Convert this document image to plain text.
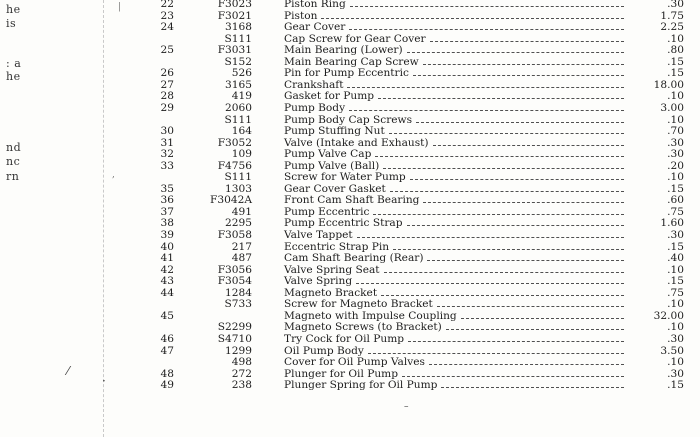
he
is
: a
he
nd
nc
rn
|
,
⁄
·
–
22	F3023	Piston Ring	.30
23	F3021	Piston	1.75
24	3168	Gear Cover	2.25
S111	Cap Screw for Gear Cover	.10
25	F3031	Main Bearing (Lower)	.80
S152	Main Bearing Cap Screw	.15
26	526	Pin for Pump Eccentric	.15
27	3165	Crankshaft	18.00
28	419	Gasket for Pump	.10
29	2060	Pump Body	3.00
S111	Pump Body Cap Screws	.10
30	164	Pump Stuffing Nut	.70
31	F3052	Valve (Intake and Exhaust)	.30
32	109	Pump Valve Cap	.30
33	F4756	Pump Valve (Ball)	.20
S111	Screw for Water Pump	.10
35	1303	Gear Cover Gasket	.15
36	F3042A	Front Cam Shaft Bearing	.60
37	491	Pump Eccentric	.75
38	2295	Pump Eccentric Strap	1.60
39	F3058	Valve Tappet	.30
40	217	Eccentric Strap Pin	.15
41	487	Cam Shaft Bearing (Rear)	.40
42	F3056	Valve Spring Seat	.10
43	F3054	Valve Spring	.15
44	1284	Magneto Bracket	.75
S733	Screw for Magneto Bracket	.10
45	Magneto with Impulse Coupling	32.00
S2299	Magneto Screws (to Bracket)	.10
46	S4710	Try Cock for Oil Pump	.30
47	1299	Oil Pump Body	3.50
498	Cover for Oil Pump Valves	.10
48	272	Plunger for Oil Pump	.30
49	238	Plunger Spring for Oil Pump	.15
